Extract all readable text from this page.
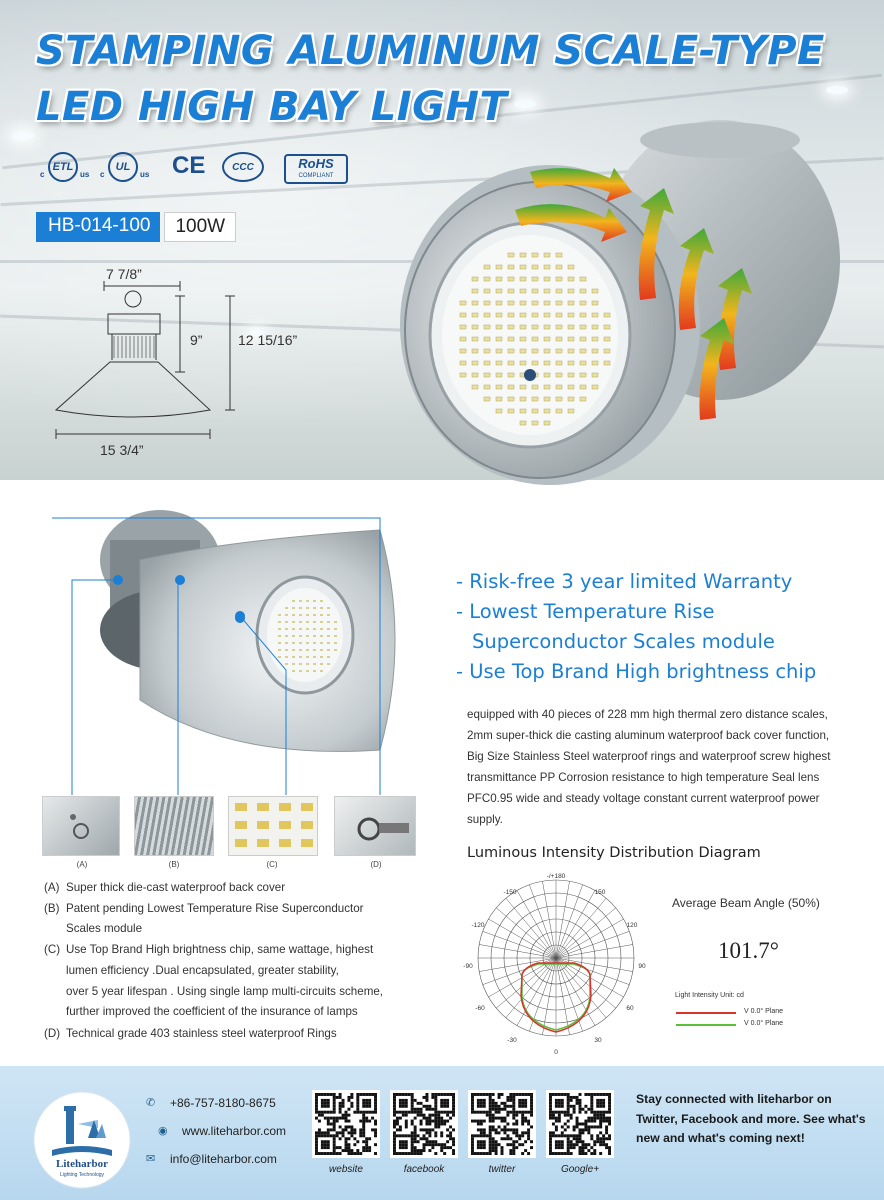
STAMPING ALUMINUM SCALE-TYPE
LED HIGH BAY LIGHT
c
ETL
us c
UL
us CE	CCC	RoHS
COMPLIANT
HB-014-100	100W
7 7/8”
9”	12 15/16”
15 3/4”
(A)	(B)	(C)	(D)
- Risk-free 3 year limited Warranty
- Lowest Temperature Rise
Superconductor Scales module
- Use Top Brand High brightness chip
equipped with 40 pieces of 228 mm high thermal zero distance scales, 2mm super-thick die casting aluminum waterproof back cover function, Big Size Stainless Steel waterproof rings and waterproof screw highest transmittance PP Corrosion resistance to high temperature Seal lens PFC0.95 wide and steady voltage constant current waterproof power supply.
(A) Super thick die-cast waterproof back cover
(B) Patent pending Lowest Temperature Rise Superconductor
Scales module
(C) Use Top Brand High brightness chip, same wattage, highest
lumen efficiency .Dual encapsulated, greater stability,
over 5 year lifespan . Using single lamp multi-circuits scheme,
further improved the coefficient of the insurance of lamps
(D) Technical grade 403 stainless steel waterproof Rings
Luminous Intensity Distribution Diagram
-/+180
150
-150
120
-120
90
-90
60
-60
30
-30
0
Average Beam Angle (50%)
101.7°
Light Intensity Unit: cd
V 0.0° Plane
V 0.0° Plane
Liteharbor
Lighting Technology
✆	+86-757-8180-8675
◉	www.liteharbor.com
✉	info@liteharbor.com
website	facebook	twitter	Google+
Stay connected with liteharbor on Twitter, Facebook and more. See what's new and what's coming next!
